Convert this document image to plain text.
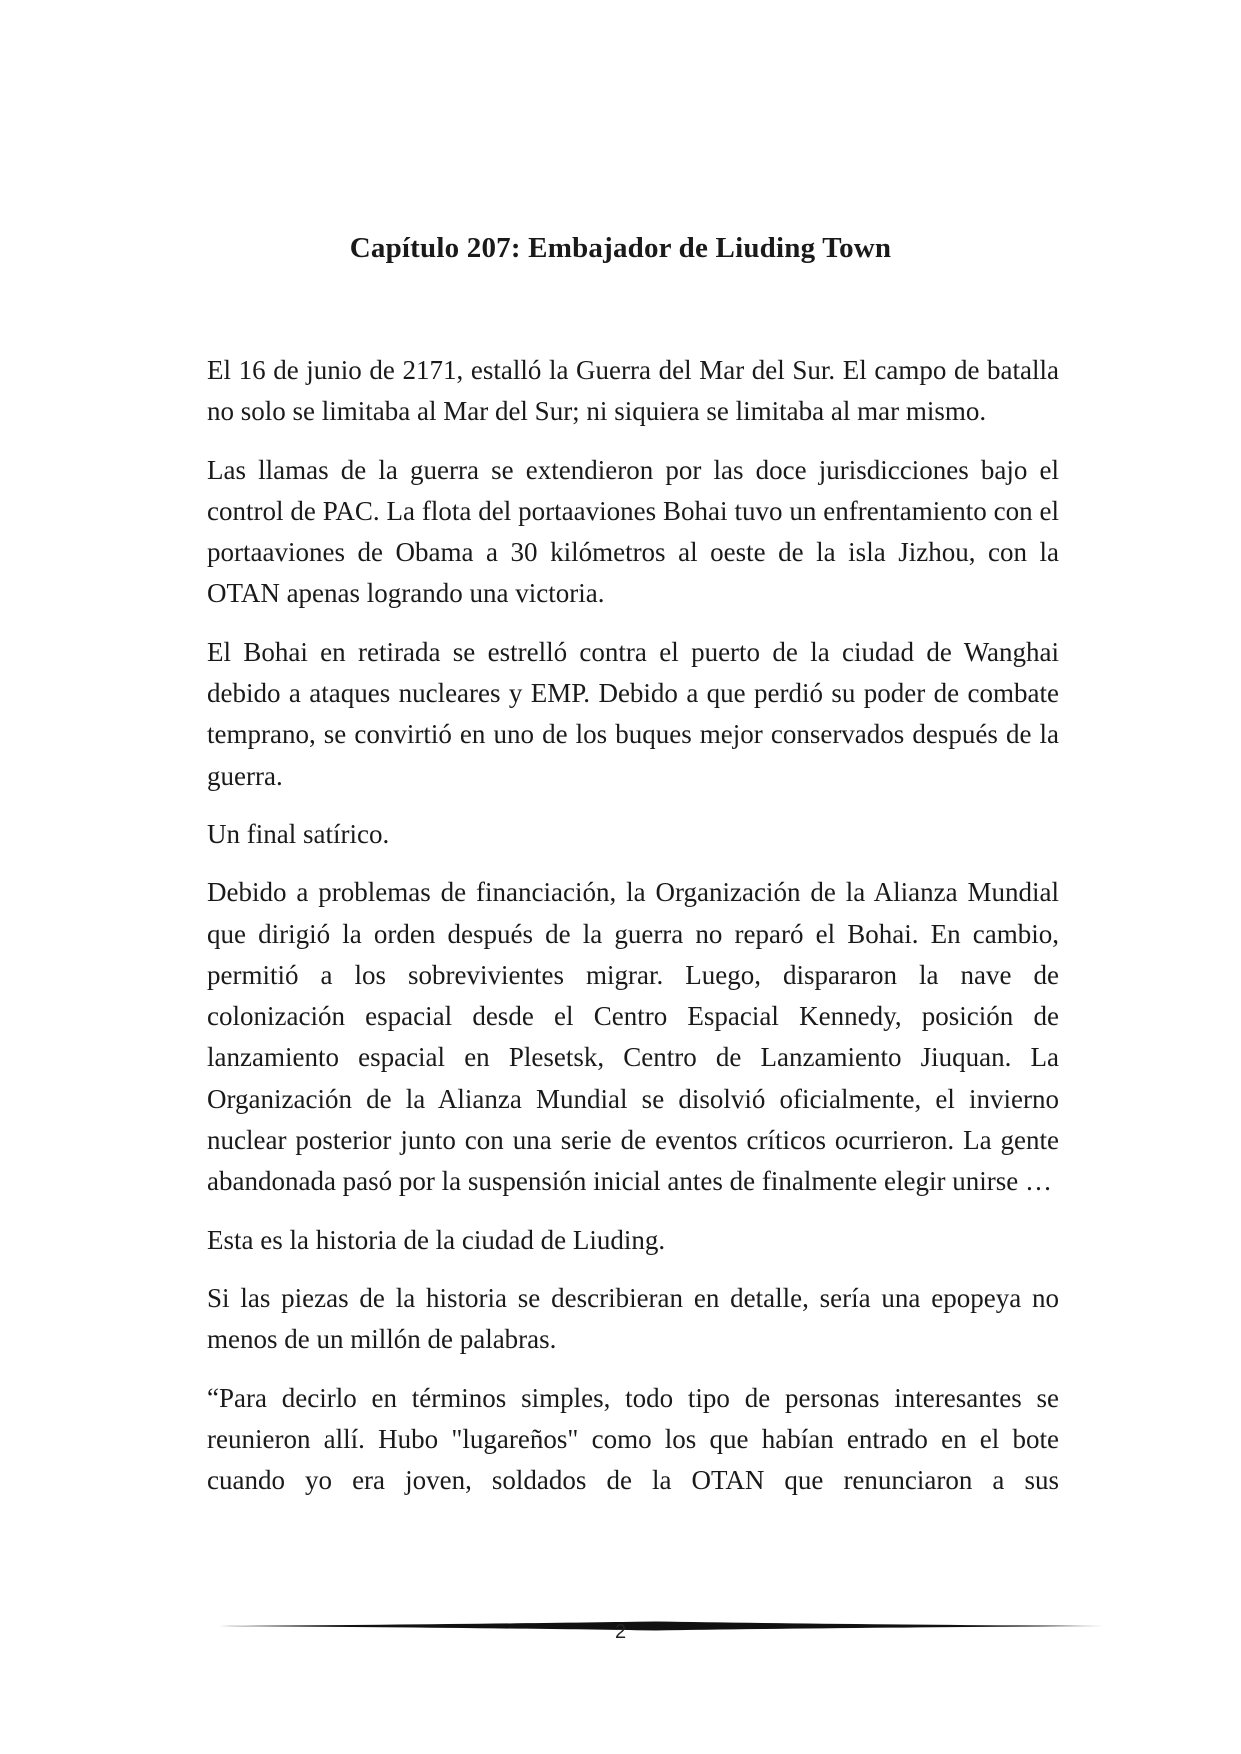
Capítulo 207: Embajador de Liuding Town

El 16 de junio de 2171, estalló la Guerra del Mar del Sur. El campo de batalla no solo se limitaba al Mar del Sur; ni siquiera se limitaba al mar mismo.

Las llamas de la guerra se extendieron por las doce jurisdicciones bajo el control de PAC. La flota del portaaviones Bohai tuvo un enfrentamiento con el portaaviones de Obama a 30 kilómetros al oeste de la isla Jizhou, con la OTAN apenas logrando una victoria.

El Bohai en retirada se estrelló contra el puerto de la ciudad de Wanghai debido a ataques nucleares y EMP. Debido a que perdió su poder de combate temprano, se convirtió en uno de los buques mejor conservados después de la guerra.

Un final satírico.

Debido a problemas de financiación, la Organización de la Alianza Mundial que dirigió la orden después de la guerra no reparó el Bohai. En cambio, permitió a los sobrevivientes migrar. Luego, dispararon la nave de colonización espacial desde el Centro Espacial Kennedy, posición de lanzamiento espacial en Plesetsk, Centro de Lanzamiento Jiuquan. La Organización de la Alianza Mundial se disolvió oficialmente, el invierno nuclear posterior junto con una serie de eventos críticos ocurrieron. La gente abandonada pasó por la suspensión inicial antes de finalmente elegir unirse …

Esta es la historia de la ciudad de Liuding.

Si las piezas de la historia se describieran en detalle, sería una epopeya no menos de un millón de palabras.

“Para decirlo en términos simples, todo tipo de personas interesantes se reunieron allí. Hubo "lugareños" como los que habían entrado en el bote cuando yo era joven, soldados de la OTAN que renunciaron a sus

2
